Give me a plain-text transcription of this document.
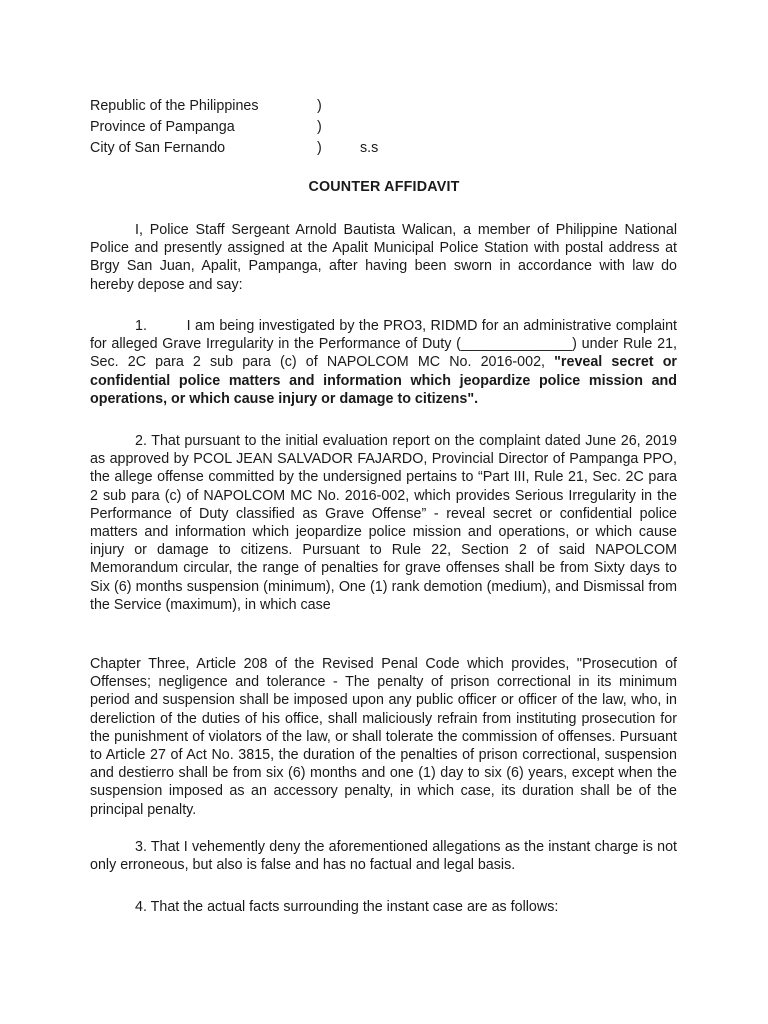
Republic of the Philippines	)
Province of Pampanga	)
City of San Fernando	)	s.s
COUNTER AFFIDAVIT

I, Police Staff Sergeant Arnold Bautista Walican, a member of Philippine National Police and presently assigned at the Apalit Municipal Police Station with postal address at Brgy San Juan, Apalit, Pampanga, after having been sworn in accordance with law do hereby depose and say:

1.	I am being investigated by the PRO3, RIDMD for an administrative complaint for alleged Grave Irregularity in the Performance of Duty (______________) under Rule 21, Sec. 2C para 2 sub para (c) of NAPOLCOM MC No. 2016-002, "reveal secret or confidential police matters and information which jeopardize police mission and operations, or which cause injury or damage to citizens".

2. That pursuant to the initial evaluation report on the complaint dated June 26, 2019 as approved by PCOL JEAN SALVADOR FAJARDO, Provincial Director of Pampanga PPO, the allege offense committed by the undersigned pertains to “Part III, Rule 21, Sec. 2C para 2 sub para (c) of NAPOLCOM MC No. 2016-002, which provides Serious Irregularity in the Performance of Duty classified as Grave Offense” - reveal secret or confidential police matters and information which jeopardize police mission and operations, or which cause injury or damage to citizens. Pursuant to Rule 22, Section 2 of said NAPOLCOM Memorandum circular, the range of penalties for grave offenses shall be from Sixty days to Six (6) months suspension (minimum), One (1) rank demotion (medium), and Dismissal from the Service (maximum), in which case

Chapter Three, Article 208 of the Revised Penal Code which provides, "Prosecution of Offenses; negligence and tolerance - The penalty of prison correctional in its minimum period and suspension shall be imposed upon any public officer or officer of the law, who, in dereliction of the duties of his office, shall maliciously refrain from instituting prosecution for the punishment of violators of the law, or shall tolerate the commission of offenses. Pursuant to Article 27 of Act No. 3815, the duration of the penalties of prison correctional, suspension and destierro shall be from six (6) months and one (1) day to six (6) years, except when the suspension imposed as an accessory penalty, in which case, its duration shall be of the principal penalty.

3. That I vehemently deny the aforementioned allegations as the instant charge is not only erroneous, but also is false and has no factual and legal basis.

4. That the actual facts surrounding the instant case are as follows:
